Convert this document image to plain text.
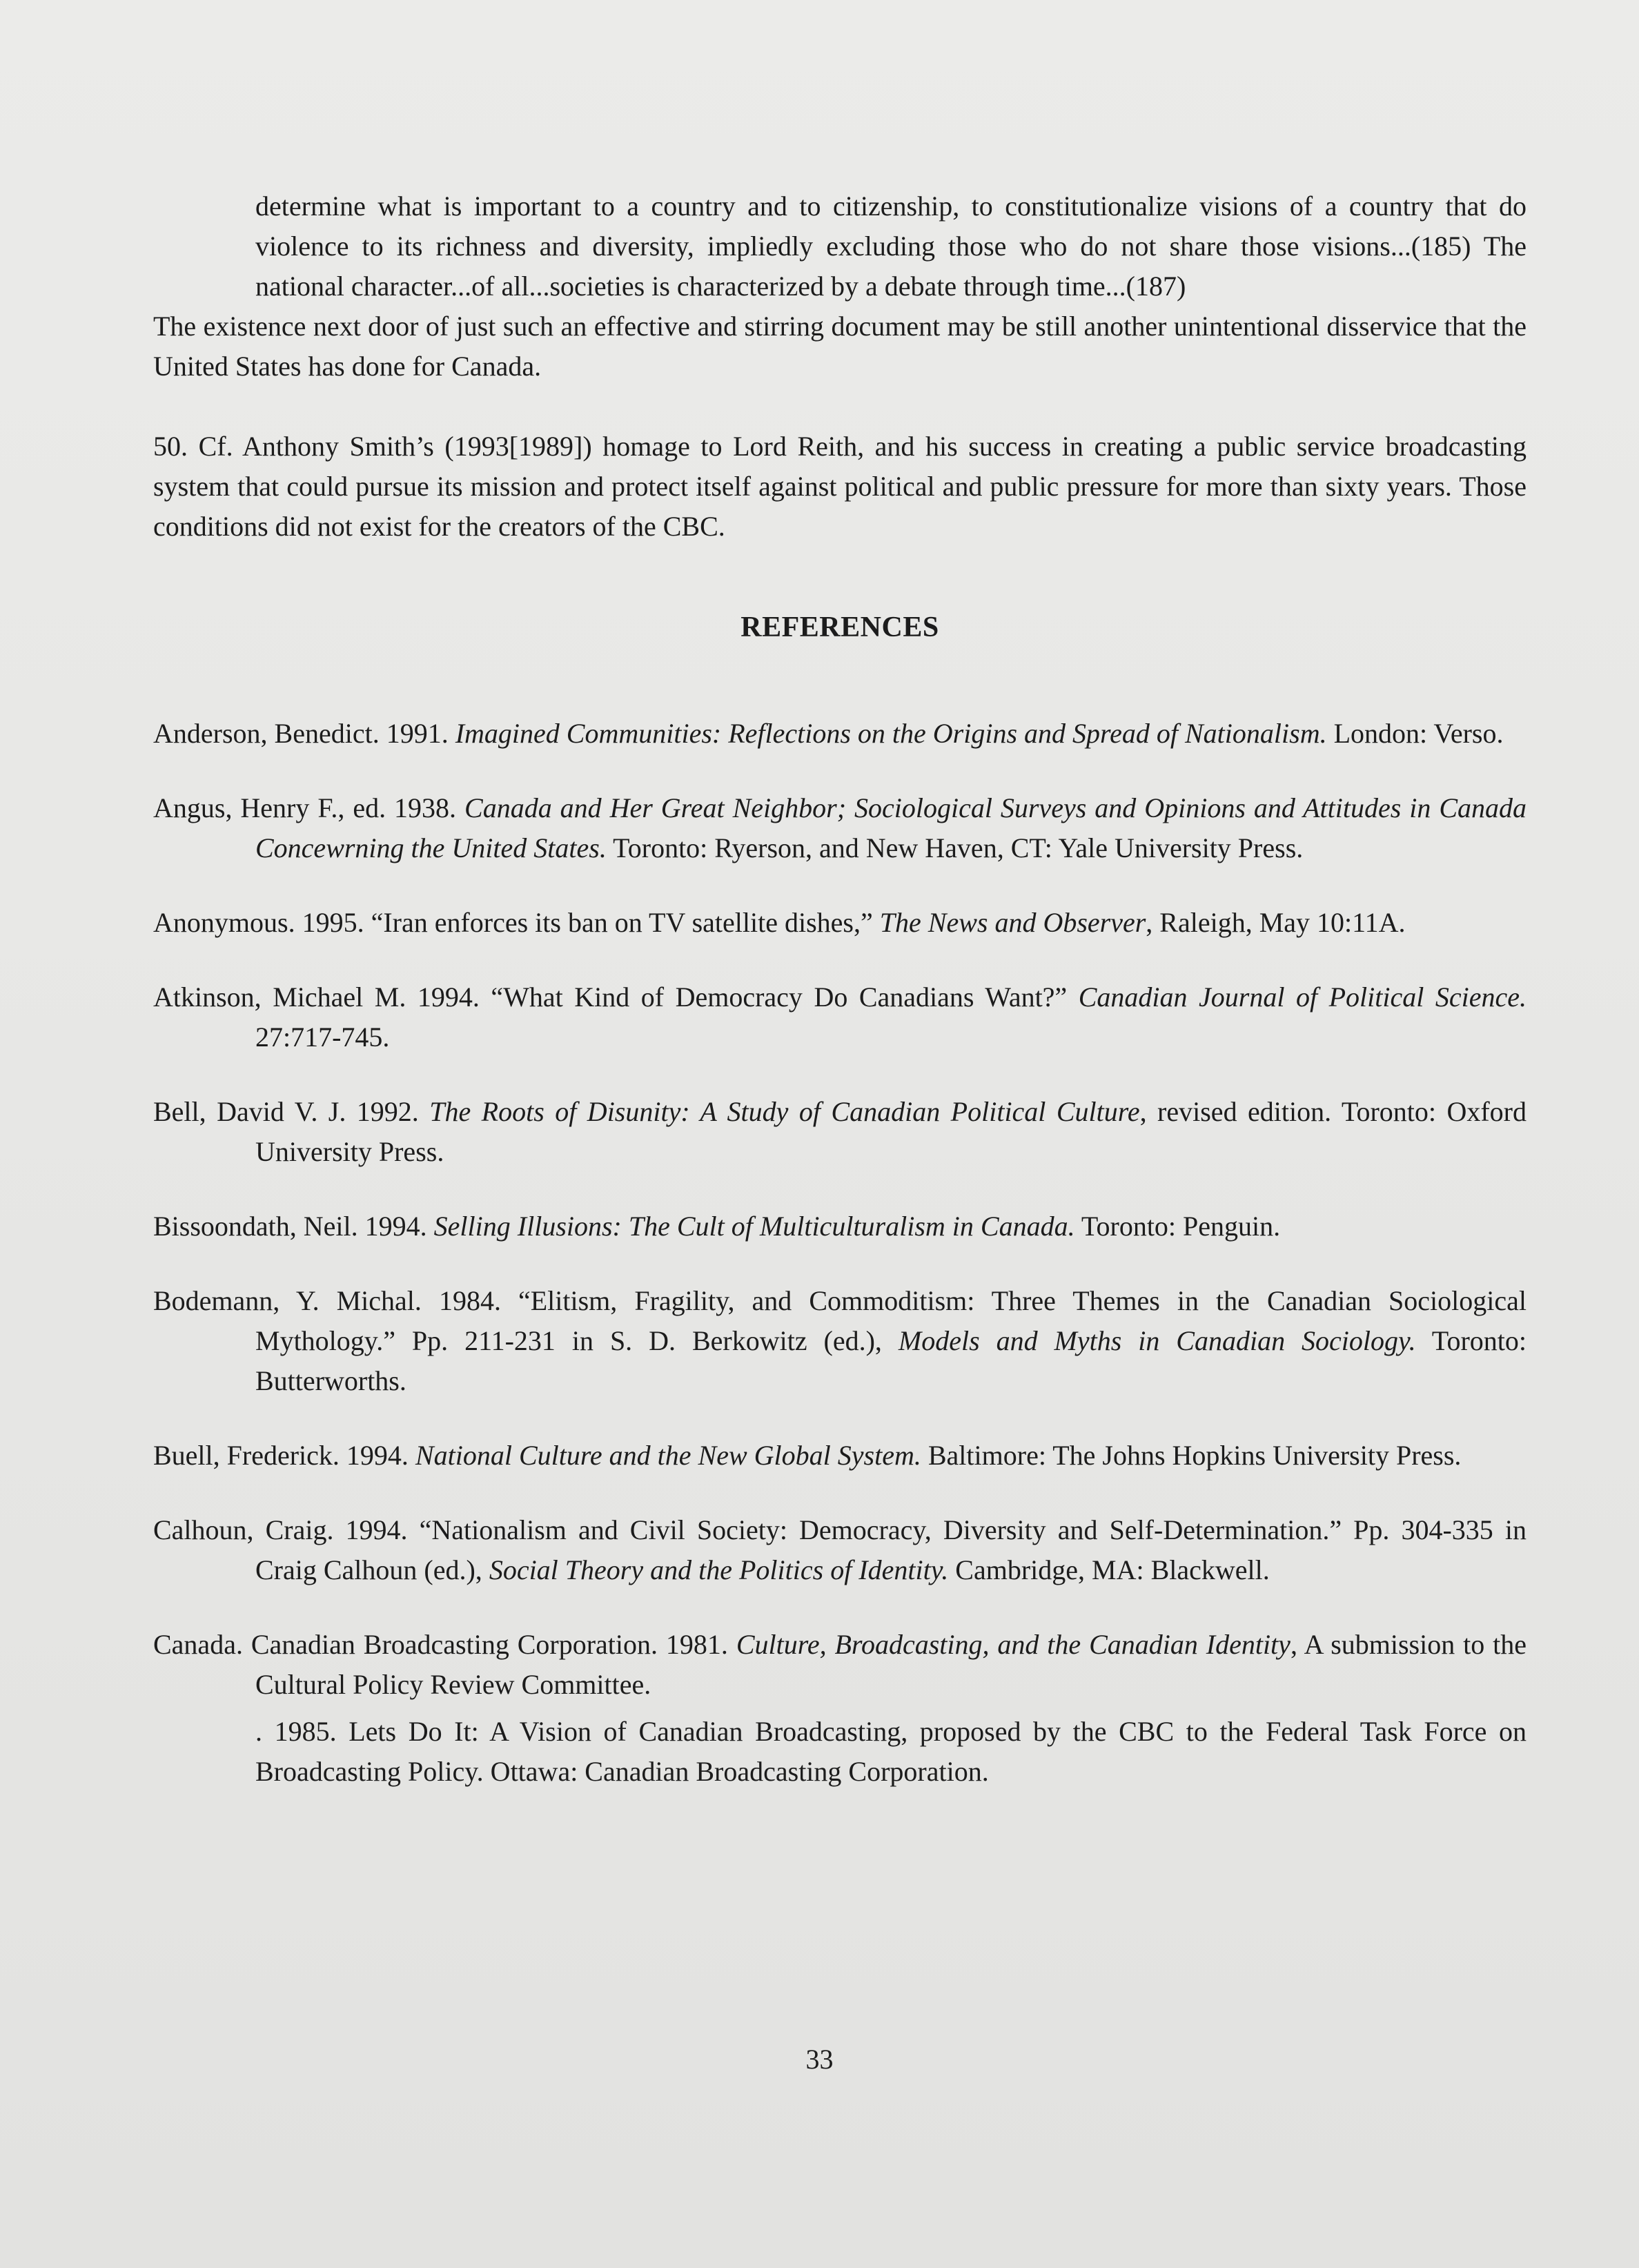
determine what is important to a country and to citizenship, to constitutionalize visions of a country that do violence to its richness and diversity, impliedly excluding those who do not share those visions...(185) The national character...of all...societies is characterized by a debate through time...(187)

The existence next door of just such an effective and stirring document may be still another unintentional disservice that the United States has done for Canada.

50. Cf. Anthony Smith’s (1993[1989]) homage to Lord Reith, and his success in creating a public service broadcasting system that could pursue its mission and protect itself against political and public pressure for more than sixty years. Those conditions did not exist for the creators of the CBC.
REFERENCES
Anderson, Benedict. 1991. Imagined Communities: Reflections on the Origins and Spread of Nationalism. London: Verso.
Angus, Henry F., ed. 1938. Canada and Her Great Neighbor; Sociological Surveys and Opinions and Attitudes in Canada Concewrning the United States. Toronto: Ryerson, and New Haven, CT: Yale University Press.
Anonymous. 1995. “Iran enforces its ban on TV satellite dishes,” The News and Observer, Raleigh, May 10:11A.
Atkinson, Michael M. 1994. “What Kind of Democracy Do Canadians Want?” Canadian Journal of Political Science. 27:717-745.
Bell, David V. J. 1992. The Roots of Disunity: A Study of Canadian Political Culture, revised edition. Toronto: Oxford University Press.
Bissoondath, Neil. 1994. Selling Illusions: The Cult of Multiculturalism in Canada. Toronto: Penguin.
Bodemann, Y. Michal. 1984. “Elitism, Fragility, and Commoditism: Three Themes in the Canadian Sociological Mythology.” Pp. 211-231 in S. D. Berkowitz (ed.), Models and Myths in Canadian Sociology. Toronto: Butterworths.
Buell, Frederick. 1994. National Culture and the New Global System. Baltimore: The Johns Hopkins University Press.
Calhoun, Craig. 1994. “Nationalism and Civil Society: Democracy, Diversity and Self-Determination.” Pp. 304-335 in Craig Calhoun (ed.), Social Theory and the Politics of Identity. Cambridge, MA: Blackwell.
Canada. Canadian Broadcasting Corporation. 1981. Culture, Broadcasting, and the Canadian Identity, A submission to the Cultural Policy Review Committee.
. 1985. Lets Do It: A Vision of Canadian Broadcasting, proposed by the CBC to the Federal Task Force on Broadcasting Policy. Ottawa: Canadian Broadcasting Corporation.
33
